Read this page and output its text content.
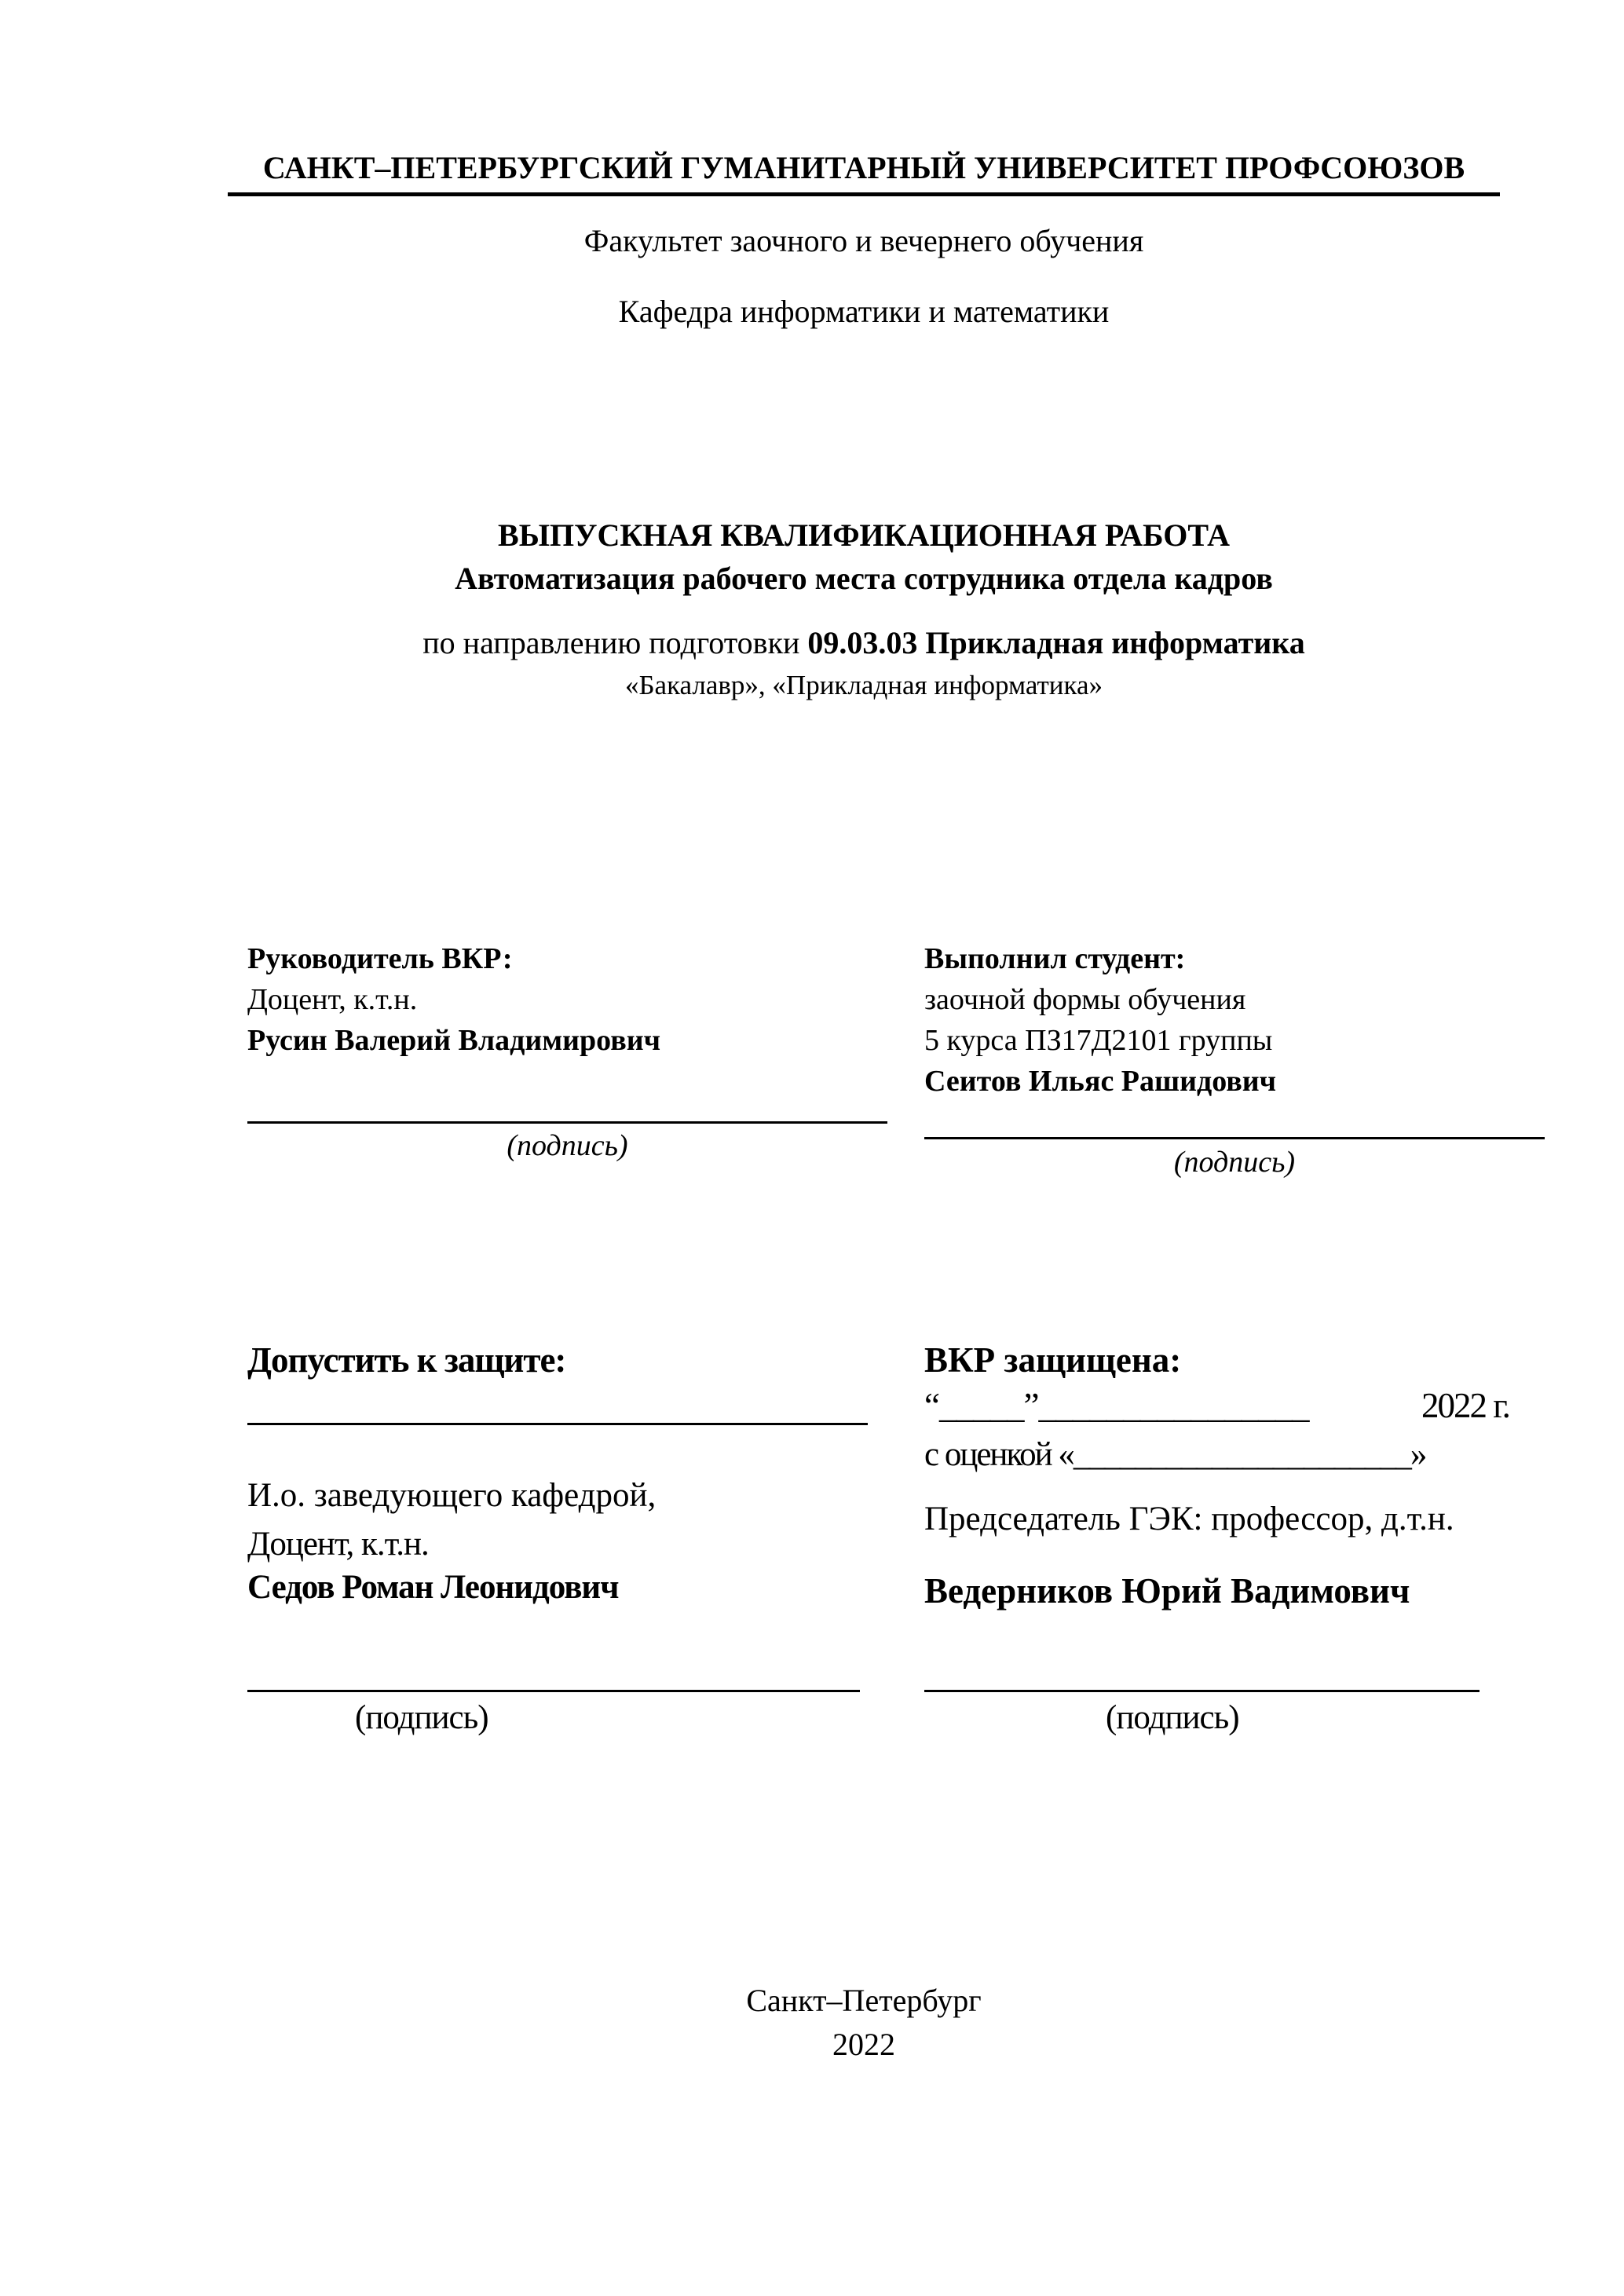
САНКТ–ПЕТЕРБУРГСКИЙ ГУМАНИТАРНЫЙ УНИВЕРСИТЕТ ПРОФСОЮЗОВ
Факультет заочного и вечернего обучения
Кафедра информатики и математики
ВЫПУСКНАЯ КВАЛИФИКАЦИОННАЯ РАБОТА
Автоматизация рабочего места сотрудника отдела кадров
по направлению подготовки 09.03.03 Прикладная информатика
«Бакалавр», «Прикладная информатика»
Руководитель ВКР:
Доцент, к.т.н.
Русин Валерий Владимирович
(подпись)
Выполнил студент:
заочной формы обучения
5 курса ПЗ17Д2101 группы
Сеитов Ильяс Рашидович
(подпись)
Допустить к защите:
И.о. заведующего кафедрой,
Доцент, к.т.н.
Седов Роман Леонидович
(подпись)
ВКР защищена:
“_____”________________	2022 г.
с оценкой «______________________»
Председатель ГЭК: профессор, д.т.н.
Ведерников Юрий Вадимович
(подпись)
Санкт–Петербург
2022
